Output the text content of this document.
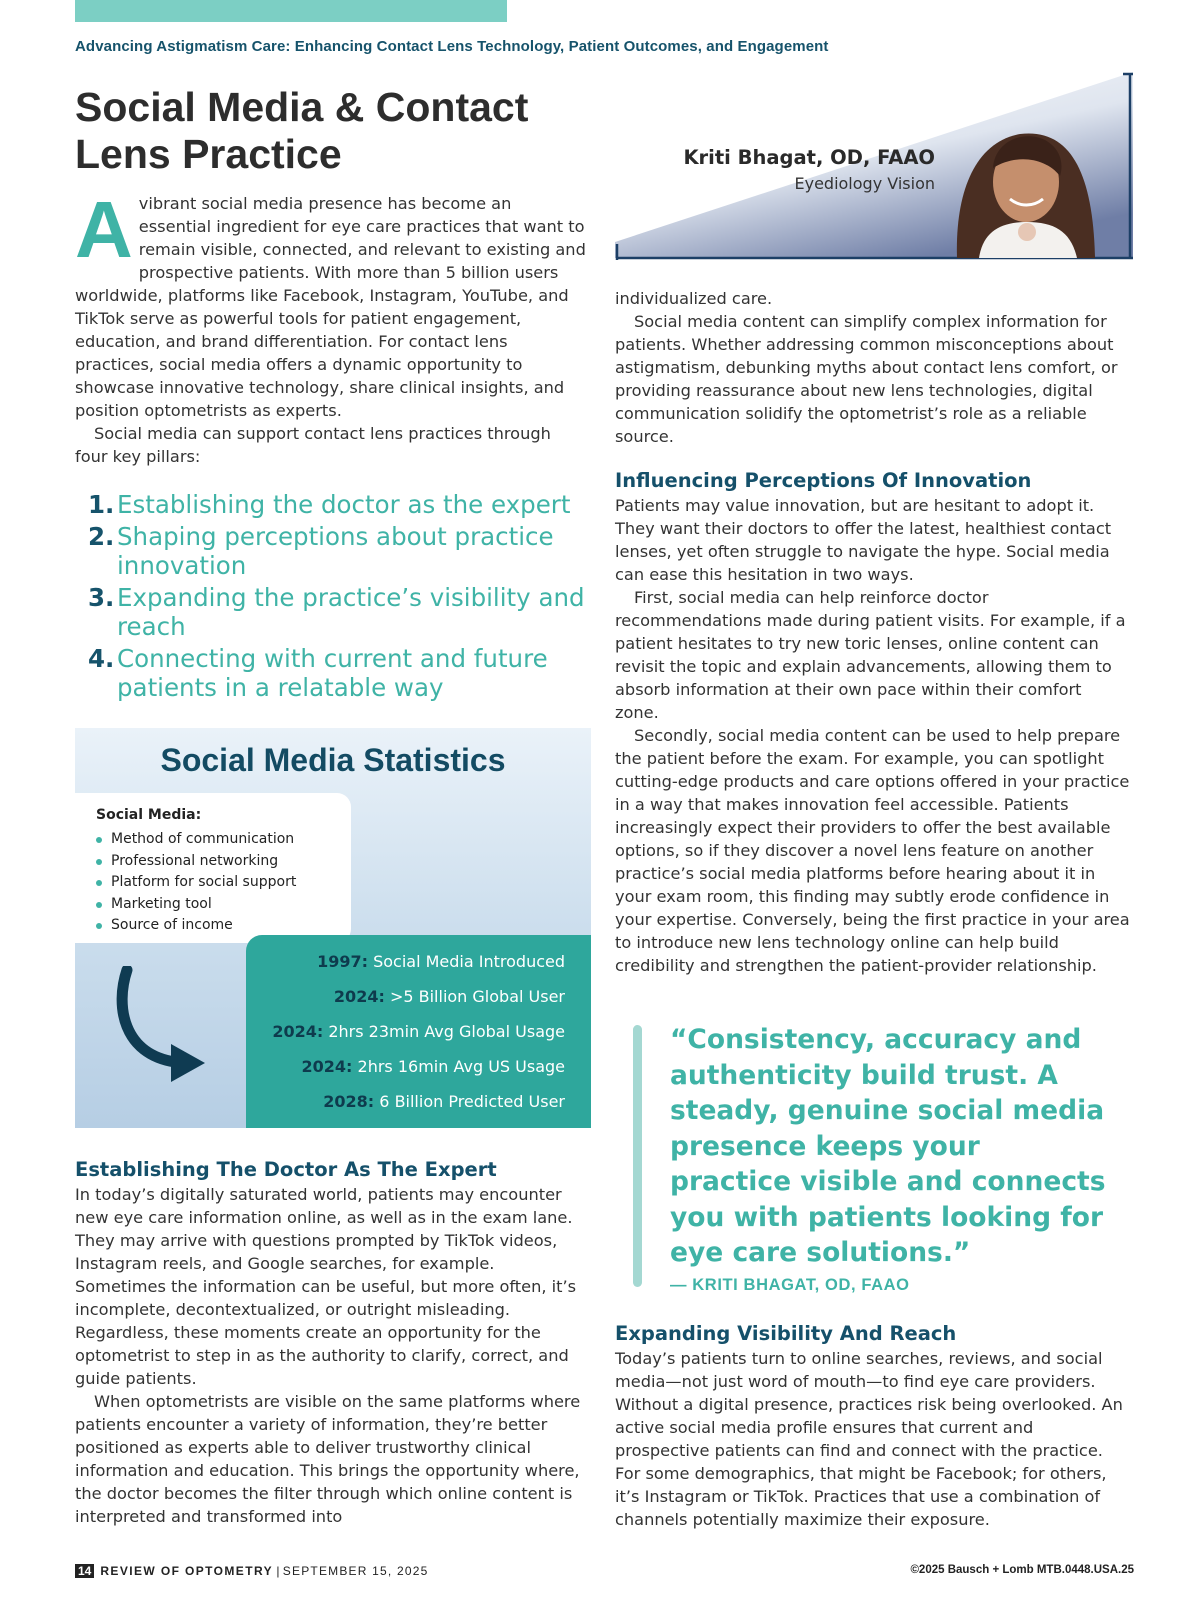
Advancing Astigmatism Care: Enhancing Contact Lens Technology, Patient Outcomes, and Engagement
Social Media & Contact
Lens Practice

Avibrant social media presence has become an essential ingredient for eye care practices that want to remain visible, connected, and relevant to existing and prospective patients. With more than 5 billion users worldwide, platforms like Facebook, Instagram, YouTube, and TikTok serve as powerful tools for patient engagement, education, and brand differentiation. For contact lens practices, social media offers a dynamic opportunity to showcase innovative technology, share clinical insights, and position optometrists as experts.

Social media can support contact lens practices through four key pillars:

1. Establishing the doctor as the expert
2. Shaping perceptions about practice innovation
3. Expanding the practice’s visibility and reach
4. Connecting with current and future patients in a relatable way
Social Media Statistics
Social Media:
Method of communication
Professional networking
Platform for social support
Marketing tool
Source of income
1997: Social Media Introduced
2024: >5 Billion Global User
2024: 2hrs 23min Avg Global Usage
2024: 2hrs 16min Avg US Usage
2028: 6 Billion Predicted User
Establishing The Doctor As The Expert

In today’s digitally saturated world, patients may encounter new eye care information online, as well as in the exam lane. They may arrive with questions prompted by TikTok videos, Instagram reels, and Google searches, for example. Sometimes the information can be useful, but more often, it’s incomplete, decontextualized, or outright misleading. Regardless, these moments create an opportunity for the optometrist to step in as the authority to clarify, correct, and guide patients.

When optometrists are visible on the same platforms where patients encounter a variety of information, they’re better positioned as experts able to deliver trustworthy clinical information and education. This brings the opportunity where, the doctor becomes the filter through which online content is interpreted and transformed into

Kriti Bhagat, OD, FAAO
Eyediology Vision

individualized care.

Social media content can simplify complex information for patients. Whether addressing common misconceptions about astigmatism, debunking myths about contact lens comfort, or providing reassurance about new lens technologies, digital communication solidify the optometrist’s role as a reliable source.

Influencing Perceptions Of Innovation

Patients may value innovation, but are hesitant to adopt it. They want their doctors to offer the latest, healthiest contact lenses, yet often struggle to navigate the hype. Social media can ease this hesitation in two ways.

First, social media can help reinforce doctor recommendations made during patient visits. For example, if a patient hesitates to try new toric lenses, online content can revisit the topic and explain advancements, allowing them to absorb information at their own pace within their comfort zone.

Secondly, social media content can be used to help prepare the patient before the exam. For example, you can spotlight cutting-edge products and care options offered in your practice in a way that makes innovation feel accessible. Patients increasingly expect their providers to offer the best available options, so if they discover a novel lens feature on another practice’s social media platforms before hearing about it in your exam room, this finding may subtly erode confidence in your expertise. Conversely, being the first practice in your area to introduce new lens technology online can help build credibility and strengthen the patient-provider relationship.

“Consistency, accuracy and authenticity build trust. A steady, genuine social media presence keeps your practice visible and connects you with patients looking for eye care solutions.”

— KRITI BHAGAT, OD, FAAO
Expanding Visibility And Reach

Today’s patients turn to online searches, reviews, and social media—not just word of mouth—to find eye care providers. Without a digital presence, practices risk being overlooked. An active social media profile ensures that current and prospective patients can find and connect with the practice. For some demographics, that might be Facebook; for others, it’s Instagram or TikTok. Practices that use a combination of channels potentially maximize their exposure.

14 REVIEW OF OPTOMETRY | SEPTEMBER 15, 2025	©2025 Bausch + Lomb MTB.0448.USA.25
